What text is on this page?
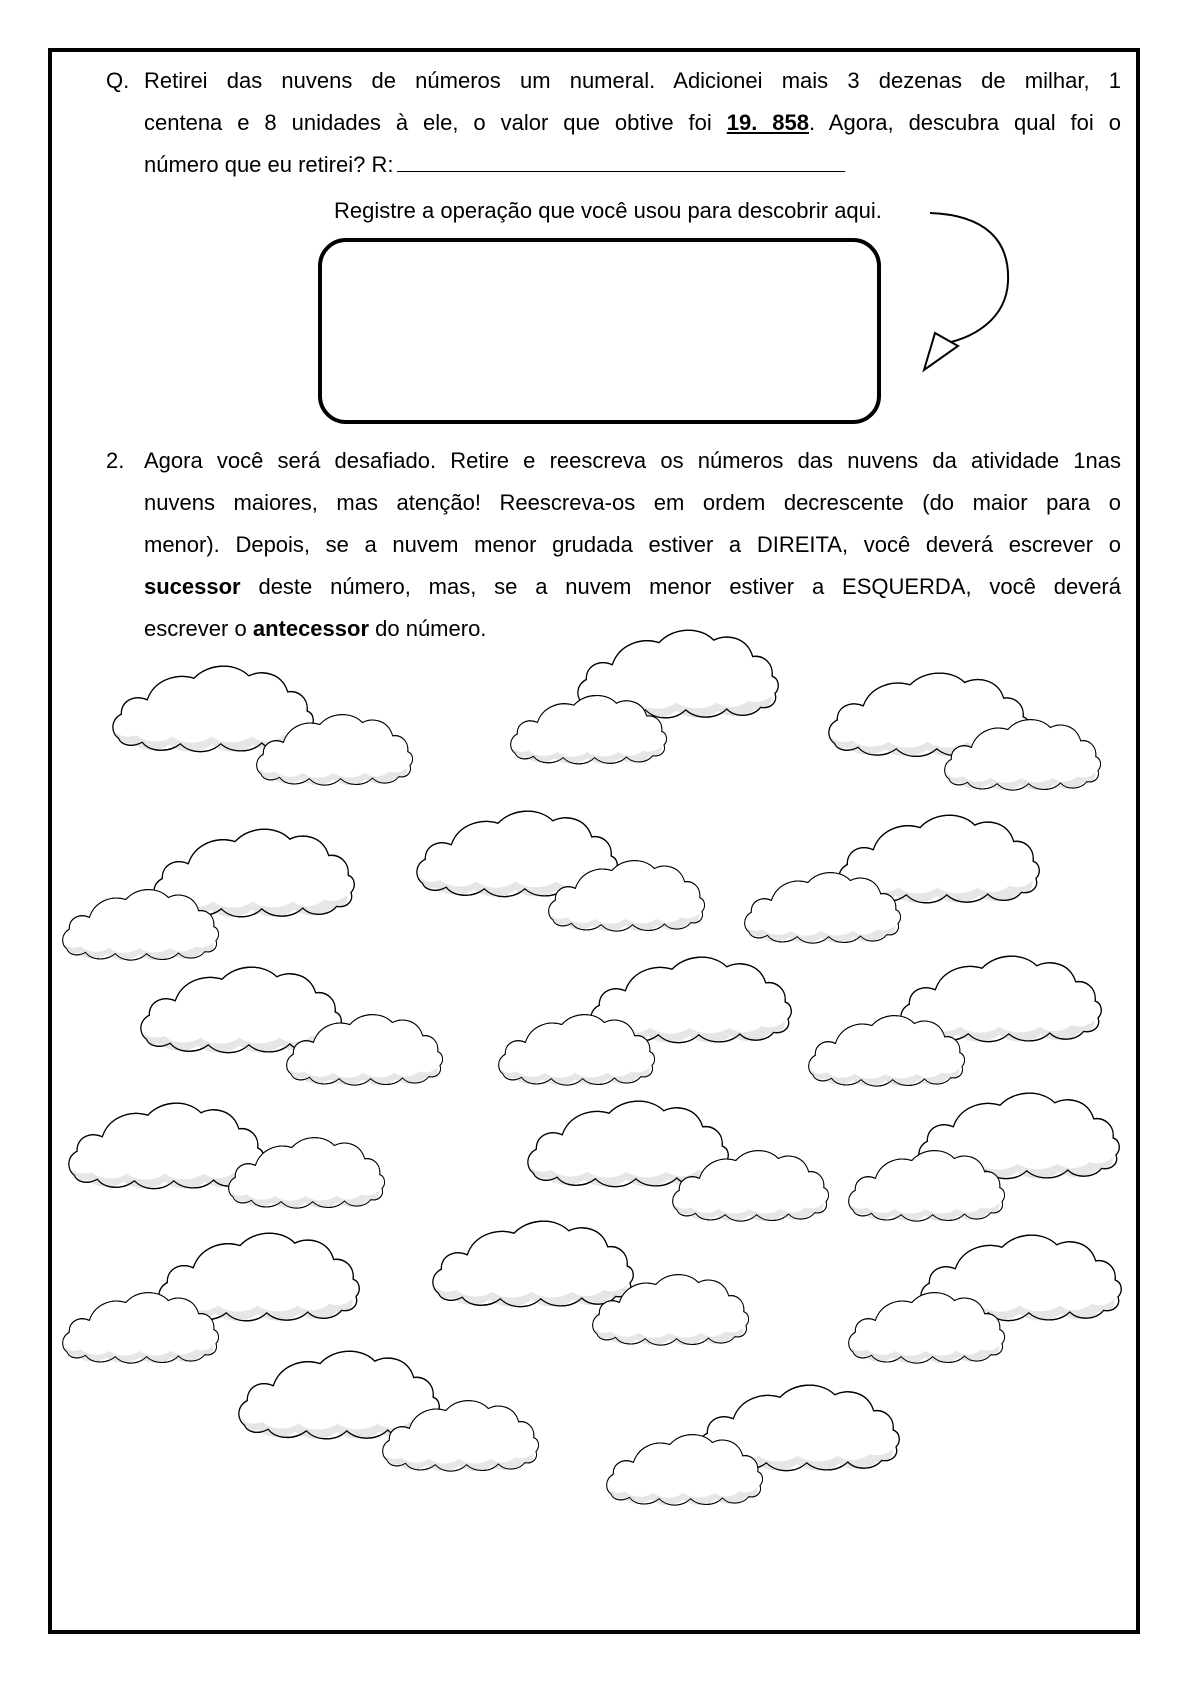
Q. Retirei das nuvens de números um numeral. Adicionei mais 3 dezenas de milhar, 1
centena e 8 unidades à ele, o valor que obtive foi 19. 858. Agora, descubra qual foi o
número que eu retirei? R:
Registre a operação que você usou para descobrir aqui.
2. Agora você será desafiado. Retire e reescreva os números das nuvens da atividade 1nas
nuvens maiores, mas atenção! Reescreva-os em ordem decrescente (do maior para o
menor). Depois, se a nuvem menor grudada estiver a DIREITA, você deverá escrever o
sucessor deste número, mas, se a nuvem menor estiver a ESQUERDA, você deverá
escrever o antecessor do número.
